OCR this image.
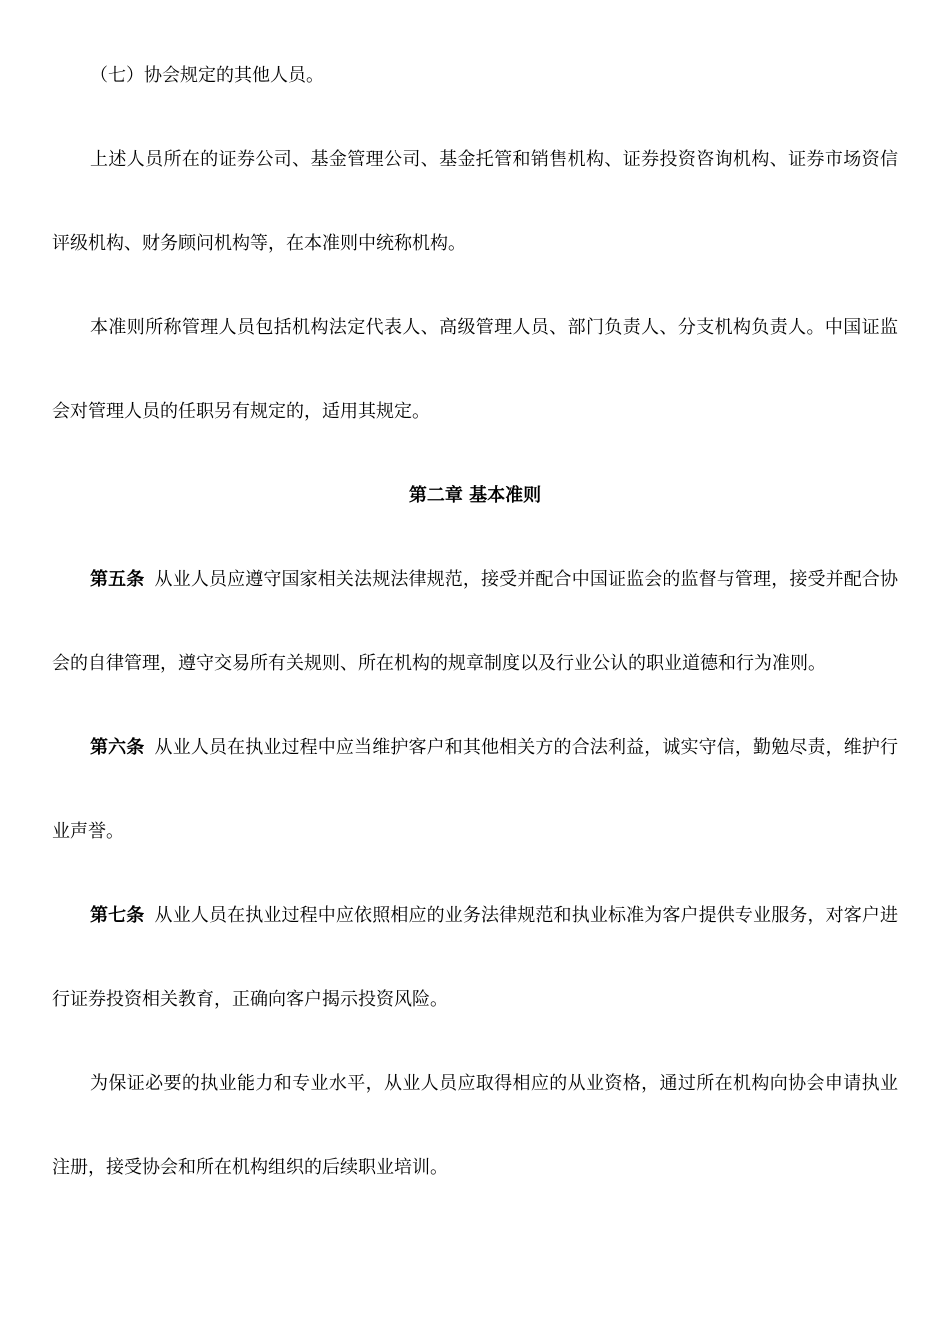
（七）协会规定的其他人员。

上述人员所在的证券公司、基金管理公司、基金托管和销售机构、证券投资咨询机构、证券市场资信评级机构、财务顾问机构等，在本准则中统称机构。

本准则所称管理人员包括机构法定代表人、高级管理人员、部门负责人、分支机构负责人。中国证监会对管理人员的任职另有规定的，适用其规定。

第二章 基本准则

第五条 从业人员应遵守国家相关法规法律规范，接受并配合中国证监会的监督与管理，接受并配合协会的自律管理，遵守交易所有关规则、所在机构的规章制度以及行业公认的职业道德和行为准则。

第六条 从业人员在执业过程中应当维护客户和其他相关方的合法利益，诚实守信，勤勉尽责，维护行业声誉。

第七条 从业人员在执业过程中应依照相应的业务法律规范和执业标准为客户提供专业服务，对客户进行证券投资相关教育，正确向客户揭示投资风险。

为保证必要的执业能力和专业水平，从业人员应取得相应的从业资格，通过所在机构向协会申请执业注册，接受协会和所在机构组织的后续职业培训。
